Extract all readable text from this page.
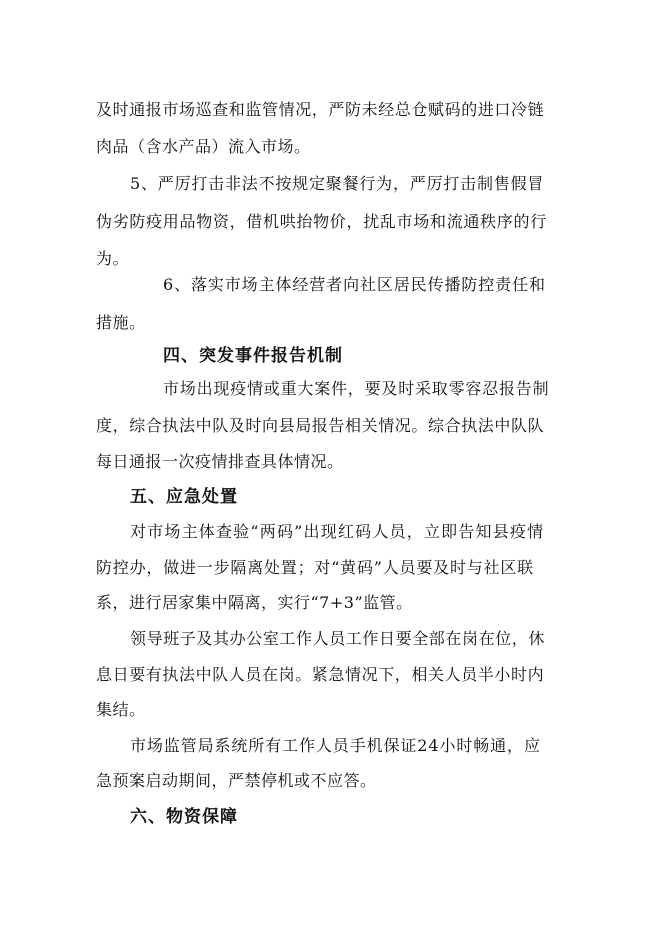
及时通报市场巡查和监管情况，严防未经总仓赋码的进口冷链
肉品（含水产品）流入市场。
5、严厉打击非法不按规定聚餐行为，严厉打击制售假冒
伪劣防疫用品物资，借机哄抬物价，扰乱市场和流通秩序的行
为。
6、落实市场主体经营者向社区居民传播防控责任和
措施。
四、突发事件报告机制
市场出现疫情或重大案件，要及时采取零容忍报告制
度，综合执法中队及时向县局报告相关情况。综合执法中队队
每日通报一次疫情排查具体情况。
五、应急处置
对市场主体查验“两码”出现红码人员，立即告知县疫情
防控办，做进一步隔离处置；对“黄码”人员要及时与社区联
系，进行居家集中隔离，实行“7+3”监管。
领导班子及其办公室工作人员工作日要全部在岗在位，休
息日要有执法中队人员在岗。紧急情况下，相关人员半小时内
集结。
市场监管局系统所有工作人员手机保证24小时畅通，应
急预案启动期间，严禁停机或不应答。
六、物资保障
